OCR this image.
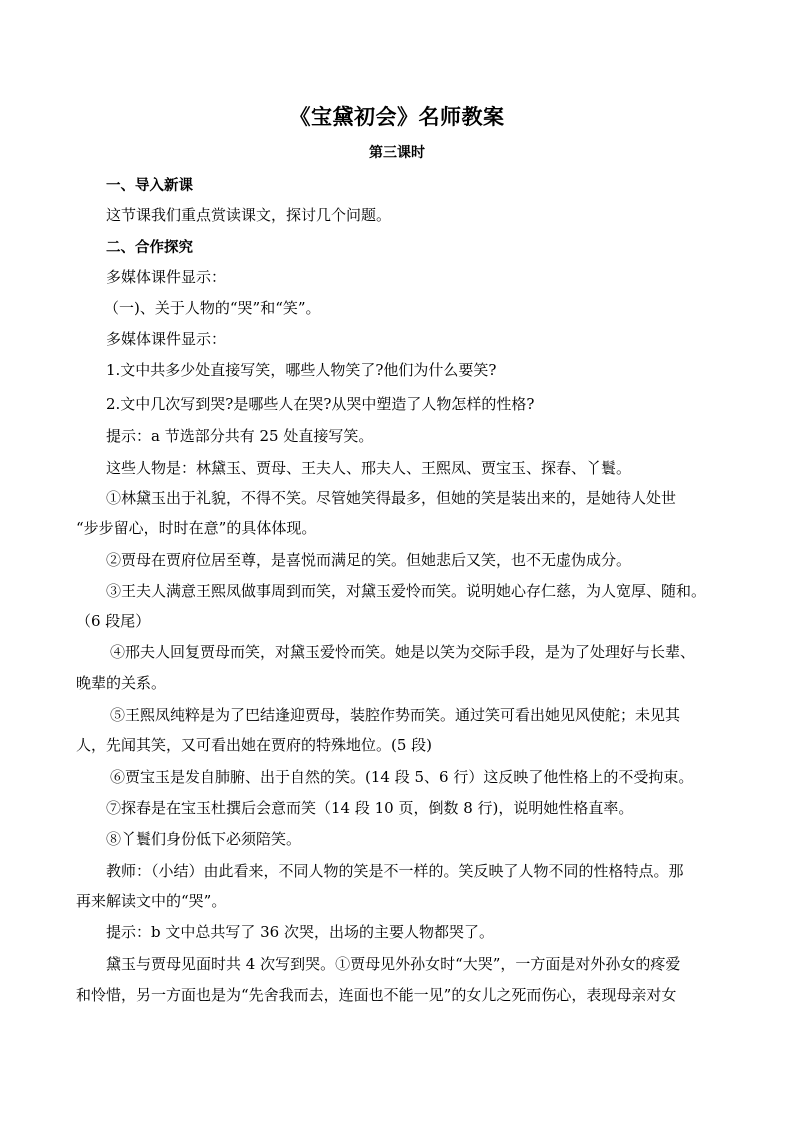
《宝黛初会》名师教案
第三课时
一、导入新课
这节课我们重点赏读课文，探讨几个问题。
二、合作探究
多媒体课件显示：
（一)、关于人物的“哭”和“笑”。
多媒体课件显示：
1.文中共多少处直接写笑，哪些人物笑了?他们为什么要笑?
2.文中几次写到哭?是哪些人在哭?从哭中塑造了人物怎样的性格?
提示：a 节选部分共有 25 处直接写笑。
这些人物是：林黛玉、贾母、王夫人、邢夫人、王熙凤、贾宝玉、探春、丫鬟。
①林黛玉出于礼貌，不得不笑。尽管她笑得最多，但她的笑是装出来的，是她待人处世
“步步留心，时时在意”的具体体现。
②贾母在贾府位居至尊，是喜悦而满足的笑。但她悲后又笑，也不无虚伪成分。
③王夫人满意王熙凤做事周到而笑，对黛玉爱怜而笑。说明她心存仁慈，为人宽厚、随和。
（6 段尾）
④邢夫人回复贾母而笑，对黛玉爱怜而笑。她是以笑为交际手段，是为了处理好与长辈、
晚辈的关系。
⑤王熙凤纯粹是为了巴结逢迎贾母，装腔作势而笑。通过笑可看出她见风使舵；未见其
人，先闻其笑，又可看出她在贾府的特殊地位。(5 段)
⑥贾宝玉是发自肺腑、出于自然的笑。(14 段 5、6 行）这反映了他性格上的不受拘束。
⑦探春是在宝玉杜撰后会意而笑（14 段 10 页，倒数 8 行)，说明她性格直率。
⑧丫鬟们身份低下必须陪笑。
教师：（小结）由此看来，不同人物的笑是不一样的。笑反映了人物不同的性格特点。那
再来解读文中的“哭”。
提示：b 文中总共写了 36 次哭，出场的主要人物都哭了。
黛玉与贾母见面时共 4 次写到哭。①贾母见外孙女时“大哭”，一方面是对外孙女的疼爱
和怜惜，另一方面也是为“先舍我而去，连面也不能一见”的女儿之死而伤心，表现母亲对女
